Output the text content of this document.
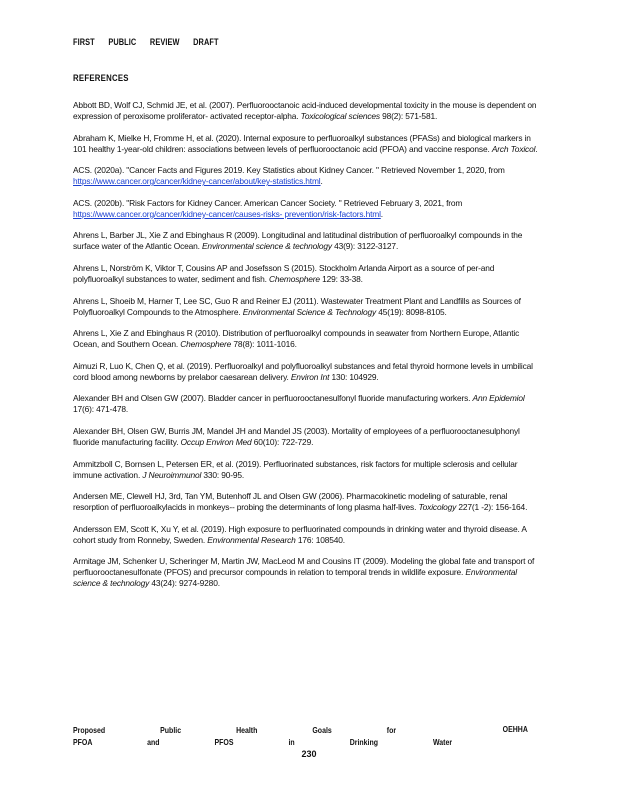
FIRST PUBLIC REVIEW DRAFT
REFERENCES

Abbott BD, Wolf CJ, Schmid JE, et al. (2007). Perfluorooctanoic acid-induced developmental toxicity in the mouse is dependent on expression of peroxisome proliferator- activated receptor-alpha. Toxicological sciences 98(2): 571-581.

Abraham K, Mielke H, Fromme H, et al. (2020). Internal exposure to perfluoroalkyl substances (PFASs) and biological markers in 101 healthy 1-year-old children: associations between levels of perfluorooctanoic acid (PFOA) and vaccine response. Arch Toxicol.

ACS. (2020a). "Cancer Facts and Figures 2019. Key Statistics about Kidney Cancer. " Retrieved November 1, 2020, from https://www.cancer.org/cancer/kidney-cancer/about/key-statistics.html.

ACS. (2020b). "Risk Factors for Kidney Cancer. American Cancer Society. " Retrieved February 3, 2021, from https://www.cancer.org/cancer/kidney-cancer/causes-risks- prevention/risk-factors.html.

Ahrens L, Barber JL, Xie Z and Ebinghaus R (2009). Longitudinal and latitudinal distribution of perfluoroalkyl compounds in the surface water of the Atlantic Ocean. Environmental science & technology 43(9): 3122-3127.

Ahrens L, Norström K, Viktor T, Cousins AP and Josefsson S (2015). Stockholm Arlanda Airport as a source of per-and polyfluoroalkyl substances to water, sediment and fish. Chemosphere 129: 33-38.

Ahrens L, Shoeib M, Harner T, Lee SC, Guo R and Reiner EJ (2011). Wastewater Treatment Plant and Landfills as Sources of Polyfluoroalkyl Compounds to the Atmosphere. Environmental Science & Technology 45(19): 8098-8105.

Ahrens L, Xie Z and Ebinghaus R (2010). Distribution of perfluoroalkyl compounds in seawater from Northern Europe, Atlantic Ocean, and Southern Ocean. Chemosphere 78(8): 1011-1016.

Aimuzi R, Luo K, Chen Q, et al. (2019). Perfluoroalkyl and polyfluoroalkyl substances and fetal thyroid hormone levels in umbilical cord blood among newborns by prelabor caesarean delivery. Environ Int 130: 104929.

Alexander BH and Olsen GW (2007). Bladder cancer in perfluorooctanesulfonyl fluoride manufacturing workers. Ann Epidemiol 17(6): 471-478.

Alexander BH, Olsen GW, Burris JM, Mandel JH and Mandel JS (2003). Mortality of employees of a perfluorooctanesulphonyl fluoride manufacturing facility. Occup Environ Med 60(10): 722-729.

Ammitzboll C, Bornsen L, Petersen ER, et al. (2019). Perfluorinated substances, risk factors for multiple sclerosis and cellular immune activation. J Neuroimmunol 330: 90-95.

Andersen ME, Clewell HJ, 3rd, Tan YM, Butenhoff JL and Olsen GW (2006). Pharmacokinetic modeling of saturable, renal resorption of perfluoroalkylacids in monkeys-- probing the determinants of long plasma half-lives. Toxicology 227(1 -2): 156-164.

Andersson EM, Scott K, Xu Y, et al. (2019). High exposure to perfluorinated compounds in drinking water and thyroid disease. A cohort study from Ronneby, Sweden. Environmental Research 176: 108540.

Armitage JM, Schenker U, Scheringer M, Martin JW, MacLeod M and Cousins IT (2009). Modeling the global fate and transport of perfluorooctanesulfonate (PFOS) and precursor compounds in relation to temporal trends in wildlife exposure. Environmental science & technology 43(24): 9274-9280.

Proposed   Public   Health   Goals   for
PFOA   and   PFOS   in   Drinking   Water
OEHHA
230
